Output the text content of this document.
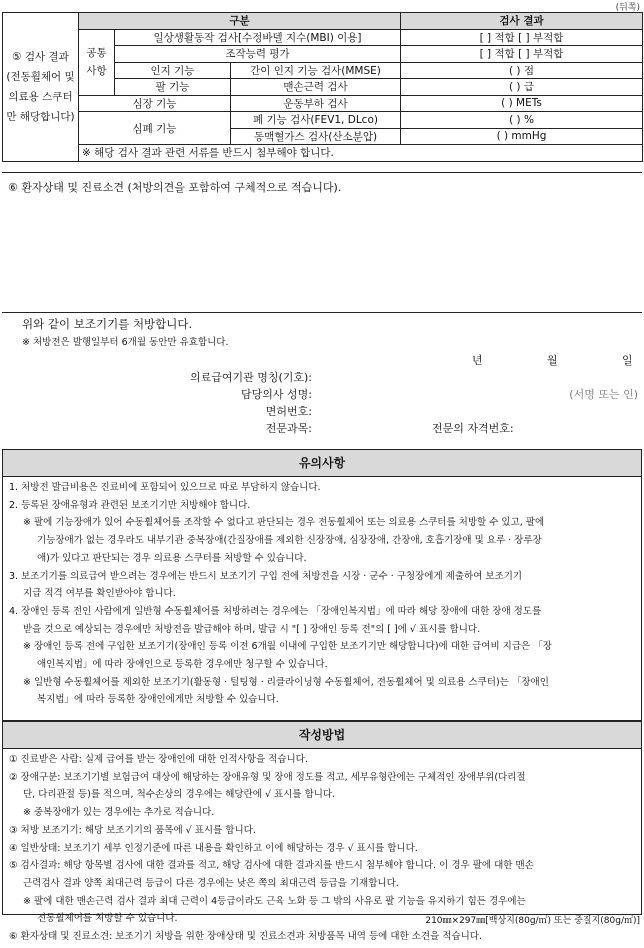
(뒤쪽)
⑤ 검사 결과 (전동휠체어 및 의료용 스쿠터 만 해당합니다)	구분			검사 결과
	공통 사항	일상생활동작 검사[수정바델 지수(MBI) 이용]		[ ] 적합 [ ] 부적합
		조작능력 평가		[ ] 적합 [ ] 부적합
		인지 기능	간이 인지 기능 검사(MMSE)	( ) 점
		팔 기능	맨손근력 검사	( ) 급
	심장 기능		운동부하 검사	( ) METs
	심폐 기능		폐 기능 검사(FEV1, DLco)	( ) %
			동맥혈가스 검사(산소분압)	( ) mmHg
	※ 해당 검사 결과 관련 서류를 반드시 첨부해야 합니다.			
⑥ 환자상태 및 진료소견 (처방의견을 포함하여 구체적으로 적습니다).
위와 같이 보조기기를 처방합니다.
※ 처방전은 발행일부터 6개월 동안만 유효합니다.
년	월	일
의료급여기관 명칭(기호):
담당의사 성명:	(서명 또는 인)
면허번호:
전문과목:	전문의 자격번호:
유의사항

1. 처방전 발급비용은 진료비에 포함되어 있으므로 따로 부담하지 않습니다.

2. 등록된 장애유형과 관련된 보조기기만 처방해야 합니다.

※ 팔에 기능장애가 있어 수동휠체어를 조작할 수 없다고 판단되는 경우 전동휠체어 또는 의료용 스쿠터를 처방할 수 있고, 팔에

기능장애가 없는 경우라도 내부기관 중복장애(간질장애를 제외한 신장장애, 심장장애, 간장애, 호흡기장애 및 요루 · 장루장

애)가 있다고 판단되는 경우 의료용 스쿠터를 처방할 수 있습니다.

3. 보조기기를 의료급여 받으려는 경우에는 반드시 보조기기 구입 전에 처방전을 시장 · 군수 · 구청장에게 제출하여 보조기기

지급 적격 여부를 확인받아야 합니다.

4. 장애인 등록 전인 사람에게 일반형 수동휠체어를 처방하려는 경우에는 「장애인복지법」에 따라 해당 장애에 대한 장애 정도를

받을 것으로 예상되는 경우에만 처방전을 발급해야 하며, 발급 시 "[ ] 장애인 등록 전"의 [ ]에 √ 표시를 합니다.

※ 장애인 등록 전에 구입한 보조기기(장애인 등록 이전 6개월 이내에 구입한 보조기기만 해당합니다)에 대한 급여비 지급은 「장

애인복지법」에 따라 장애인으로 등록한 경우에만 청구할 수 있습니다.

※ 일반형 수동휠체어를 제외한 보조기기(활동형 · 틸팅형 · 리클라이닝형 수동휠체어, 전동휠체어 및 의료용 스쿠터)는 「장애인

복지법」에 따라 등록한 장애인에게만 처방할 수 있습니다.

작성방법

① 진료받은 사람: 실제 급여를 받는 장애인에 대한 인적사항을 적습니다.

② 장애구분: 보조기기별 보험급여 대상에 해당하는 장애유형 및 장애 정도를 적고, 세부유형란에는 구체적인 장애부위(다리절

단, 다리관절 등)를 적으며, 척수손상의 경우에는 해당란에 √ 표시를 합니다.

※ 중복장애가 있는 경우에는 추가로 적습니다.

③ 처방 보조기기: 해당 보조기기의 품목에 √ 표시를 합니다.

④ 일반상태: 보조기기 세부 인정기준에 따른 내용을 확인하고 이에 해당하는 경우 √ 표시를 합니다.

⑤ 검사결과: 해당 항목별 검사에 대한 결과를 적고, 해당 검사에 대한 결과지를 반드시 첨부해야 합니다. 이 경우 팔에 대한 맨손

근력검사 결과 양쪽 최대근력 등급이 다른 경우에는 낮은 쪽의 최대근력 등급을 기재합니다.

※ 팔에 대한 맨손근력 검사 결과 최대 근력이 4등급이라도 근육 노화 등 그 밖의 사유로 팔 기능을 유지하기 힘든 경우에는

전동휠체어를 처방할 수 있습니다.

⑥ 환자상태 및 진료소견: 보조기기 처방을 위한 장애상태 및 진료소견과 처방품목 내역 등에 대한 소견을 적습니다.

210㎜×297㎜[백상지(80g/㎡) 또는 중질지(80g/㎡)]
